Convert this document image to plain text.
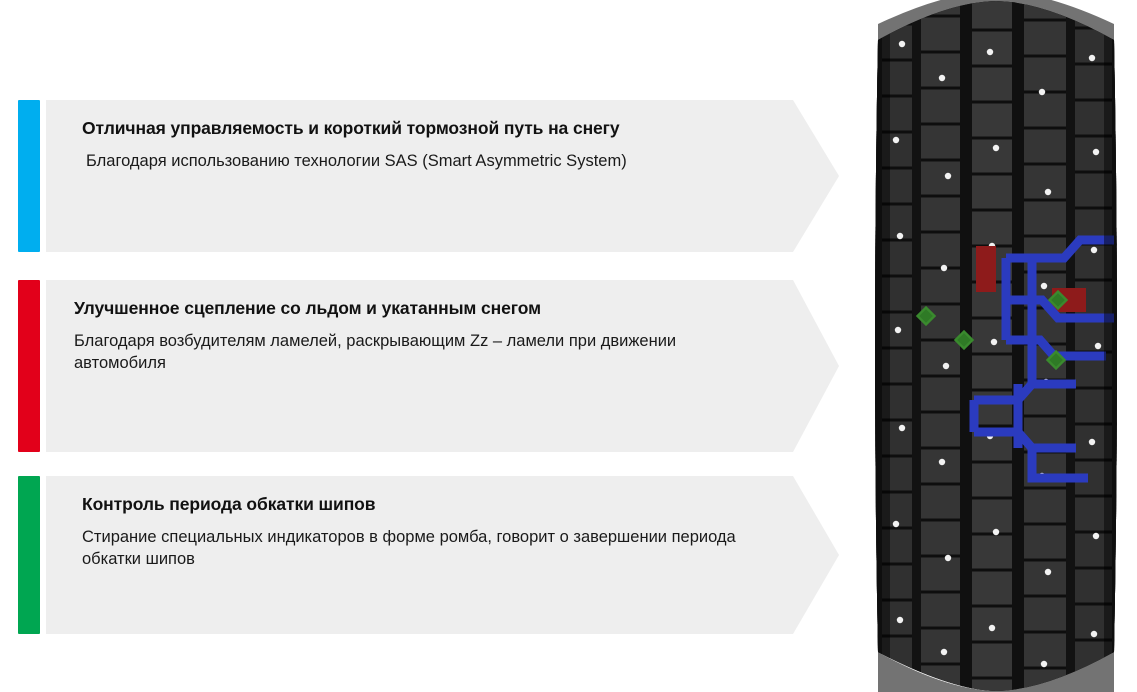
Отличная управляемость и короткий тормозной путь на снегу

Благодаря использованию технологии SAS (Smart Asymmetric System)

Улучшенное сцепление со льдом и укатанным снегом

Благодаря возбудителям ламелей, раскрывающим Zz – ламели при движении автомобиля

Контроль периода обкатки шипов

Стирание специальных индикаторов в форме ромба, говорит о завершении периода обкатки шипов
